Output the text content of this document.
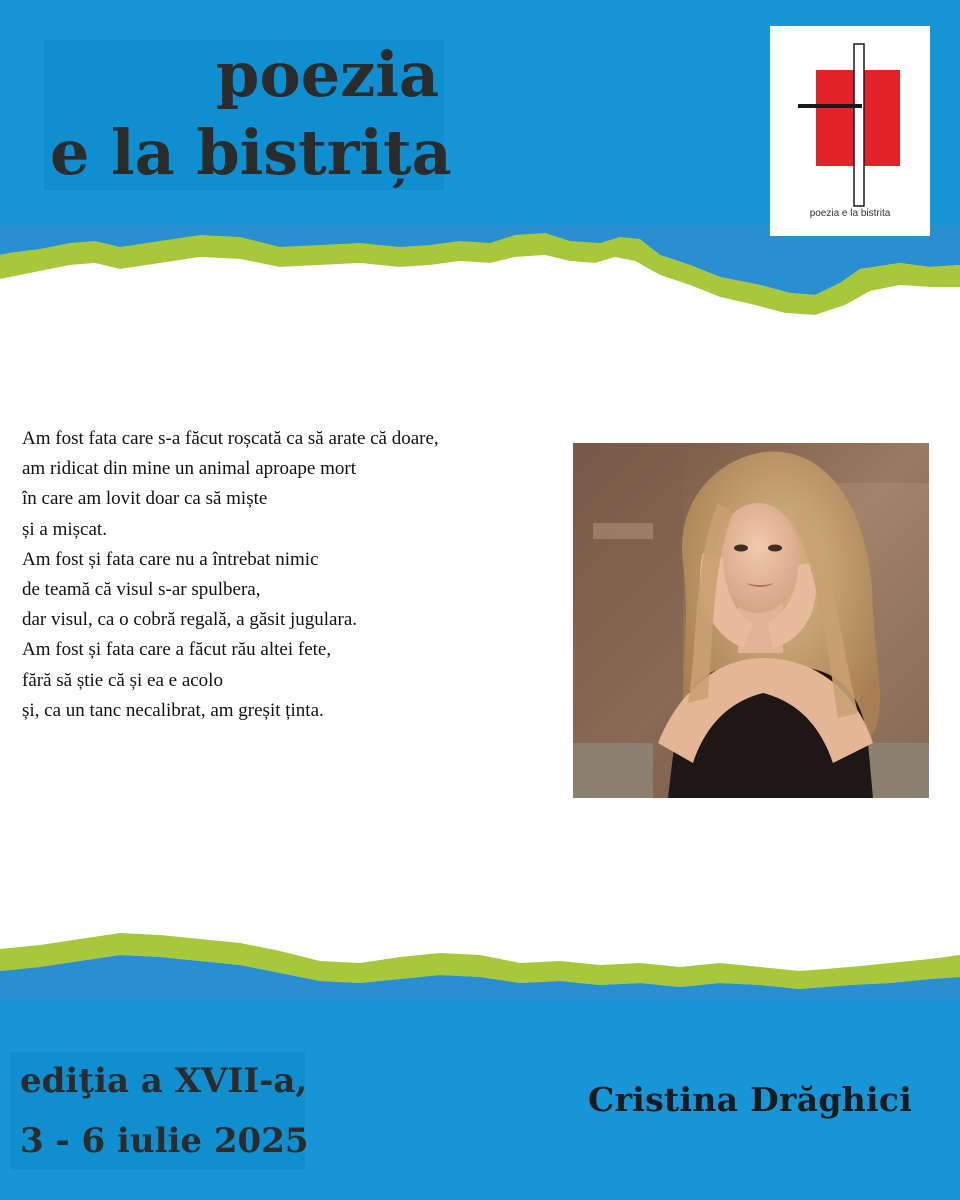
poezia
e la bistrița
poezia e la bistrita
Am fost fata care s-a făcut roșcată ca să arate că doare,
am ridicat din mine un animal aproape mort
în care am lovit doar ca să miște
și a mișcat.
Am fost și fata care nu a întrebat nimic
de teamă că visul s-ar spulbera,
dar visul, ca o cobră regală, a găsit jugulara.
Am fost și fata care a făcut rău altei fete,
fără să știe că și ea e acolo
și, ca un tanc necalibrat, am greșit ținta.
ediţia a XVII-a,
3 - 6 iulie 2025
Cristina Drăghici
